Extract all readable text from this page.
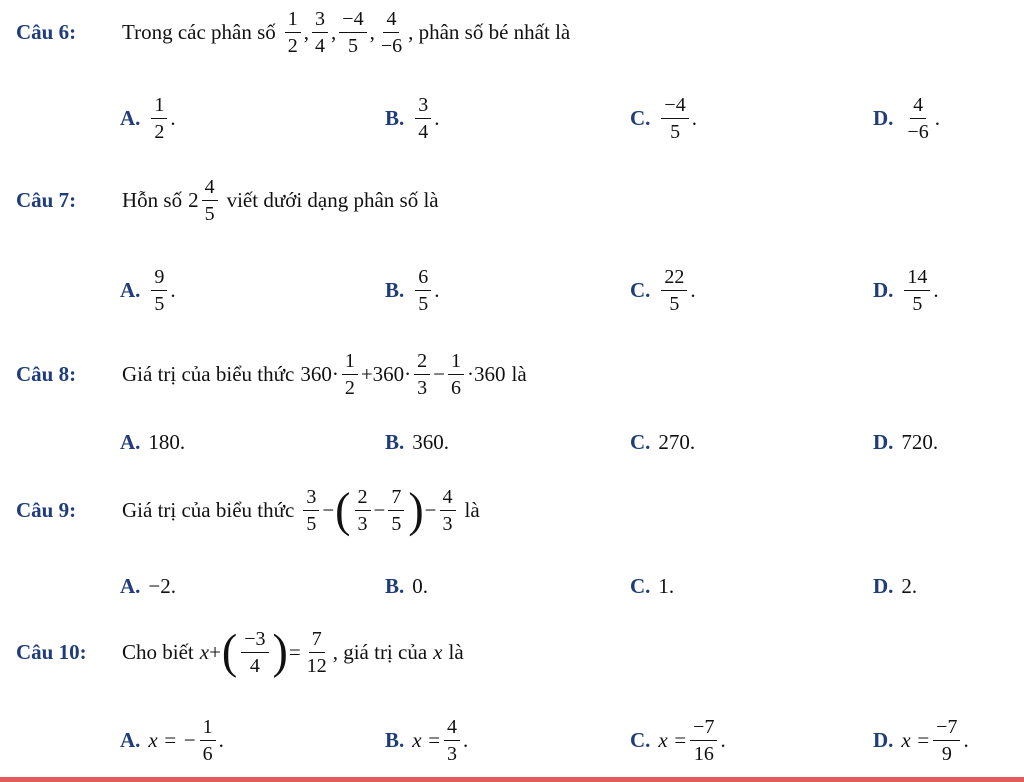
Câu 6: Trong các phân số $\frac{1}{2}$ , $\frac{3}{4}$ , $\frac{-4}{5}$ , $\frac{4}{-6}$ , phân số bé nhất là
A. $\frac{1}{2}$ .	B. $\frac{3}{4}$ .	C. $\frac{-4}{5}$ .	D. $\frac{4}{-6}$ .
Câu 7: Hỗn số $2 \frac{4}{5}$ viết dưới dạng phân số là
A. $\frac{9}{5}$ .	B. $\frac{6}{5}$ .	C. $\frac{22}{5}$ .	D. $\frac{14}{5}$ .
Câu 8: Giá trị của biểu thức $360\cdot \frac{1}{2} +360\cdot \frac{2}{3} - \frac{1}{6} \cdot 360$ là
A. 180.	B. 360.	C. 270.	D. 720.
Câu 9: Giá trị của biểu thức $\frac{3}{5}$ − ( $\frac{2}{3} - \frac{7}{5}$ ) − $\frac{4}{3}$ là
A. −2.	B. 0.	C. 1.	D. 2.
Câu 10: Cho biết x + ( $\frac{-3}{4}$ ) = $\frac{7}{12}$ , giá trị của x là
A. x = − $\frac{1}{6}$ .	B. $x = \frac{4}{3}$ .	C. $x = \frac{-7}{16}$ .	D. $x = \frac{-7}{9}$ .
